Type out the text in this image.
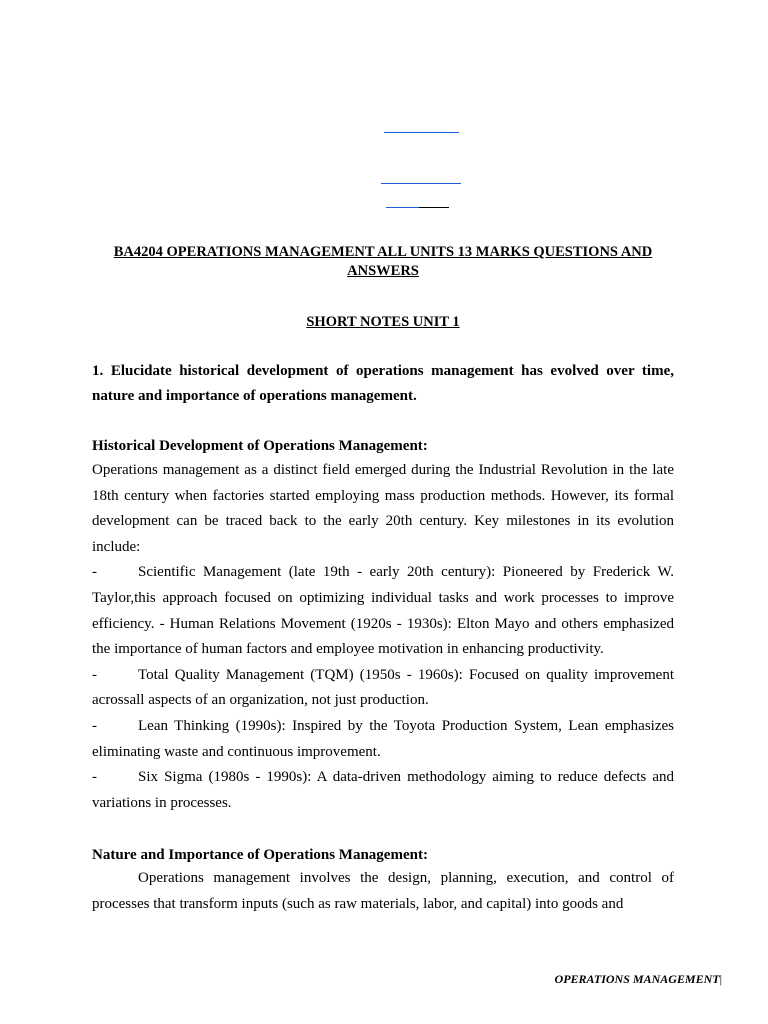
BA4204 OPERATIONS MANAGEMENT ALL UNITS 13 MARKS QUESTIONS AND ANSWERS
SHORT NOTES UNIT 1
1. Elucidate historical development of operations management has evolved over time, nature and importance of operations management.
Historical Development of Operations Management:
Operations management as a distinct field emerged during the Industrial Revolution in the late 18th century when factories started employing mass production methods. However, its formal development can be traced back to the early 20th century. Key milestones in its evolution include:
-	Scientific Management (late 19th - early 20th century): Pioneered by Frederick W. Taylor,this approach focused on optimizing individual tasks and work processes to improve efficiency. - Human Relations Movement (1920s - 1930s): Elton Mayo and others emphasized the importance of human factors and employee motivation in enhancing productivity.
-	Total Quality Management (TQM) (1950s - 1960s): Focused on quality improvement acrossall aspects of an organization, not just production.
-	Lean Thinking (1990s): Inspired by the Toyota Production System, Lean emphasizes eliminating waste and continuous improvement.
-	Six Sigma (1980s - 1990s): A data-driven methodology aiming to reduce defects and variations in processes.
Nature and Importance of Operations Management:
Operations management involves the design, planning, execution, and control of processes that transform inputs (such as raw materials, labor, and capital) into goods and
OPERATIONS MANAGEMENT|
